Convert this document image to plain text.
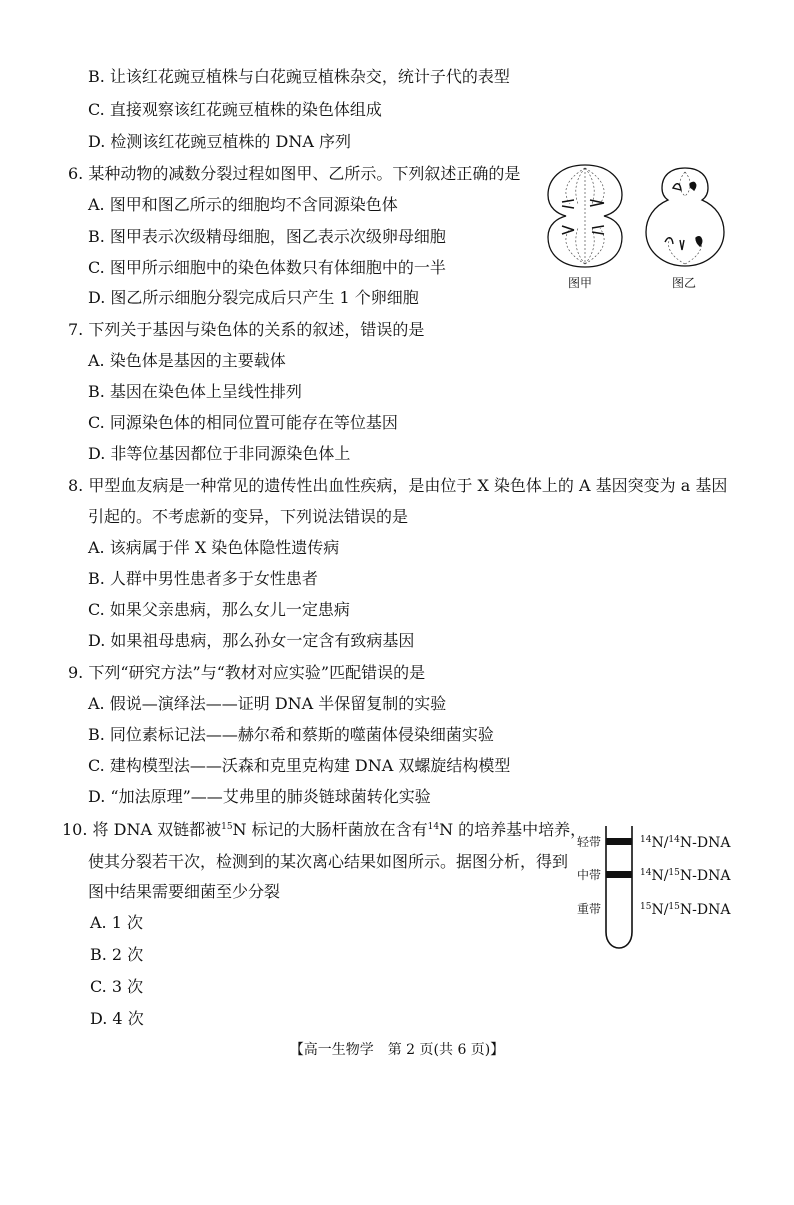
B. 让该红花豌豆植株与白花豌豆植株杂交，统计子代的表型
C. 直接观察该红花豌豆植株的染色体组成
D. 检测该红花豌豆植株的 DNA 序列
6. 某种动物的减数分裂过程如图甲、乙所示。下列叙述正确的是
A. 图甲和图乙所示的细胞均不含同源染色体
B. 图甲表示次级精母细胞，图乙表示次级卵母细胞
C. 图甲所示细胞中的染色体数只有体细胞中的一半
D. 图乙所示细胞分裂完成后只产生 1 个卵细胞
图甲	图乙
7. 下列关于基因与染色体的关系的叙述，错误的是
A. 染色体是基因的主要载体
B. 基因在染色体上呈线性排列
C. 同源染色体的相同位置可能存在等位基因
D. 非等位基因都位于非同源染色体上
8. 甲型血友病是一种常见的遗传性出血性疾病，是由位于 X 染色体上的 A 基因突变为 a 基因
引起的。不考虑新的变异，下列说法错误的是
A. 该病属于伴 X 染色体隐性遗传病
B. 人群中男性患者多于女性患者
C. 如果父亲患病，那么女儿一定患病
D. 如果祖母患病，那么孙女一定含有致病基因
9. 下列“研究方法”与“教材对应实验”匹配错误的是
A. 假说—演绎法——证明 DNA 半保留复制的实验
B. 同位素标记法——赫尔希和蔡斯的噬菌体侵染细菌实验
C. 建构模型法——沃森和克里克构建 DNA 双螺旋结构模型
D. “加法原理”——艾弗里的肺炎链球菌转化实验
10. 将 DNA 双链都被$^{15}$N 标记的大肠杆菌放在含有$^{14}$N 的培养基中培养，
使其分裂若干次，检测到的某次离心结果如图所示。据图分析，得到
图中结果需要细菌至少分裂
A. 1 次
B. 2 次
C. 3 次
D. 4 次
轻带
中带
重带
$^{14}$N/$^{14}$N-DNA
$^{14}$N/$^{15}$N-DNA
$^{15}$N/$^{15}$N-DNA
【高一生物学　第 2 页(共 6 页)】
